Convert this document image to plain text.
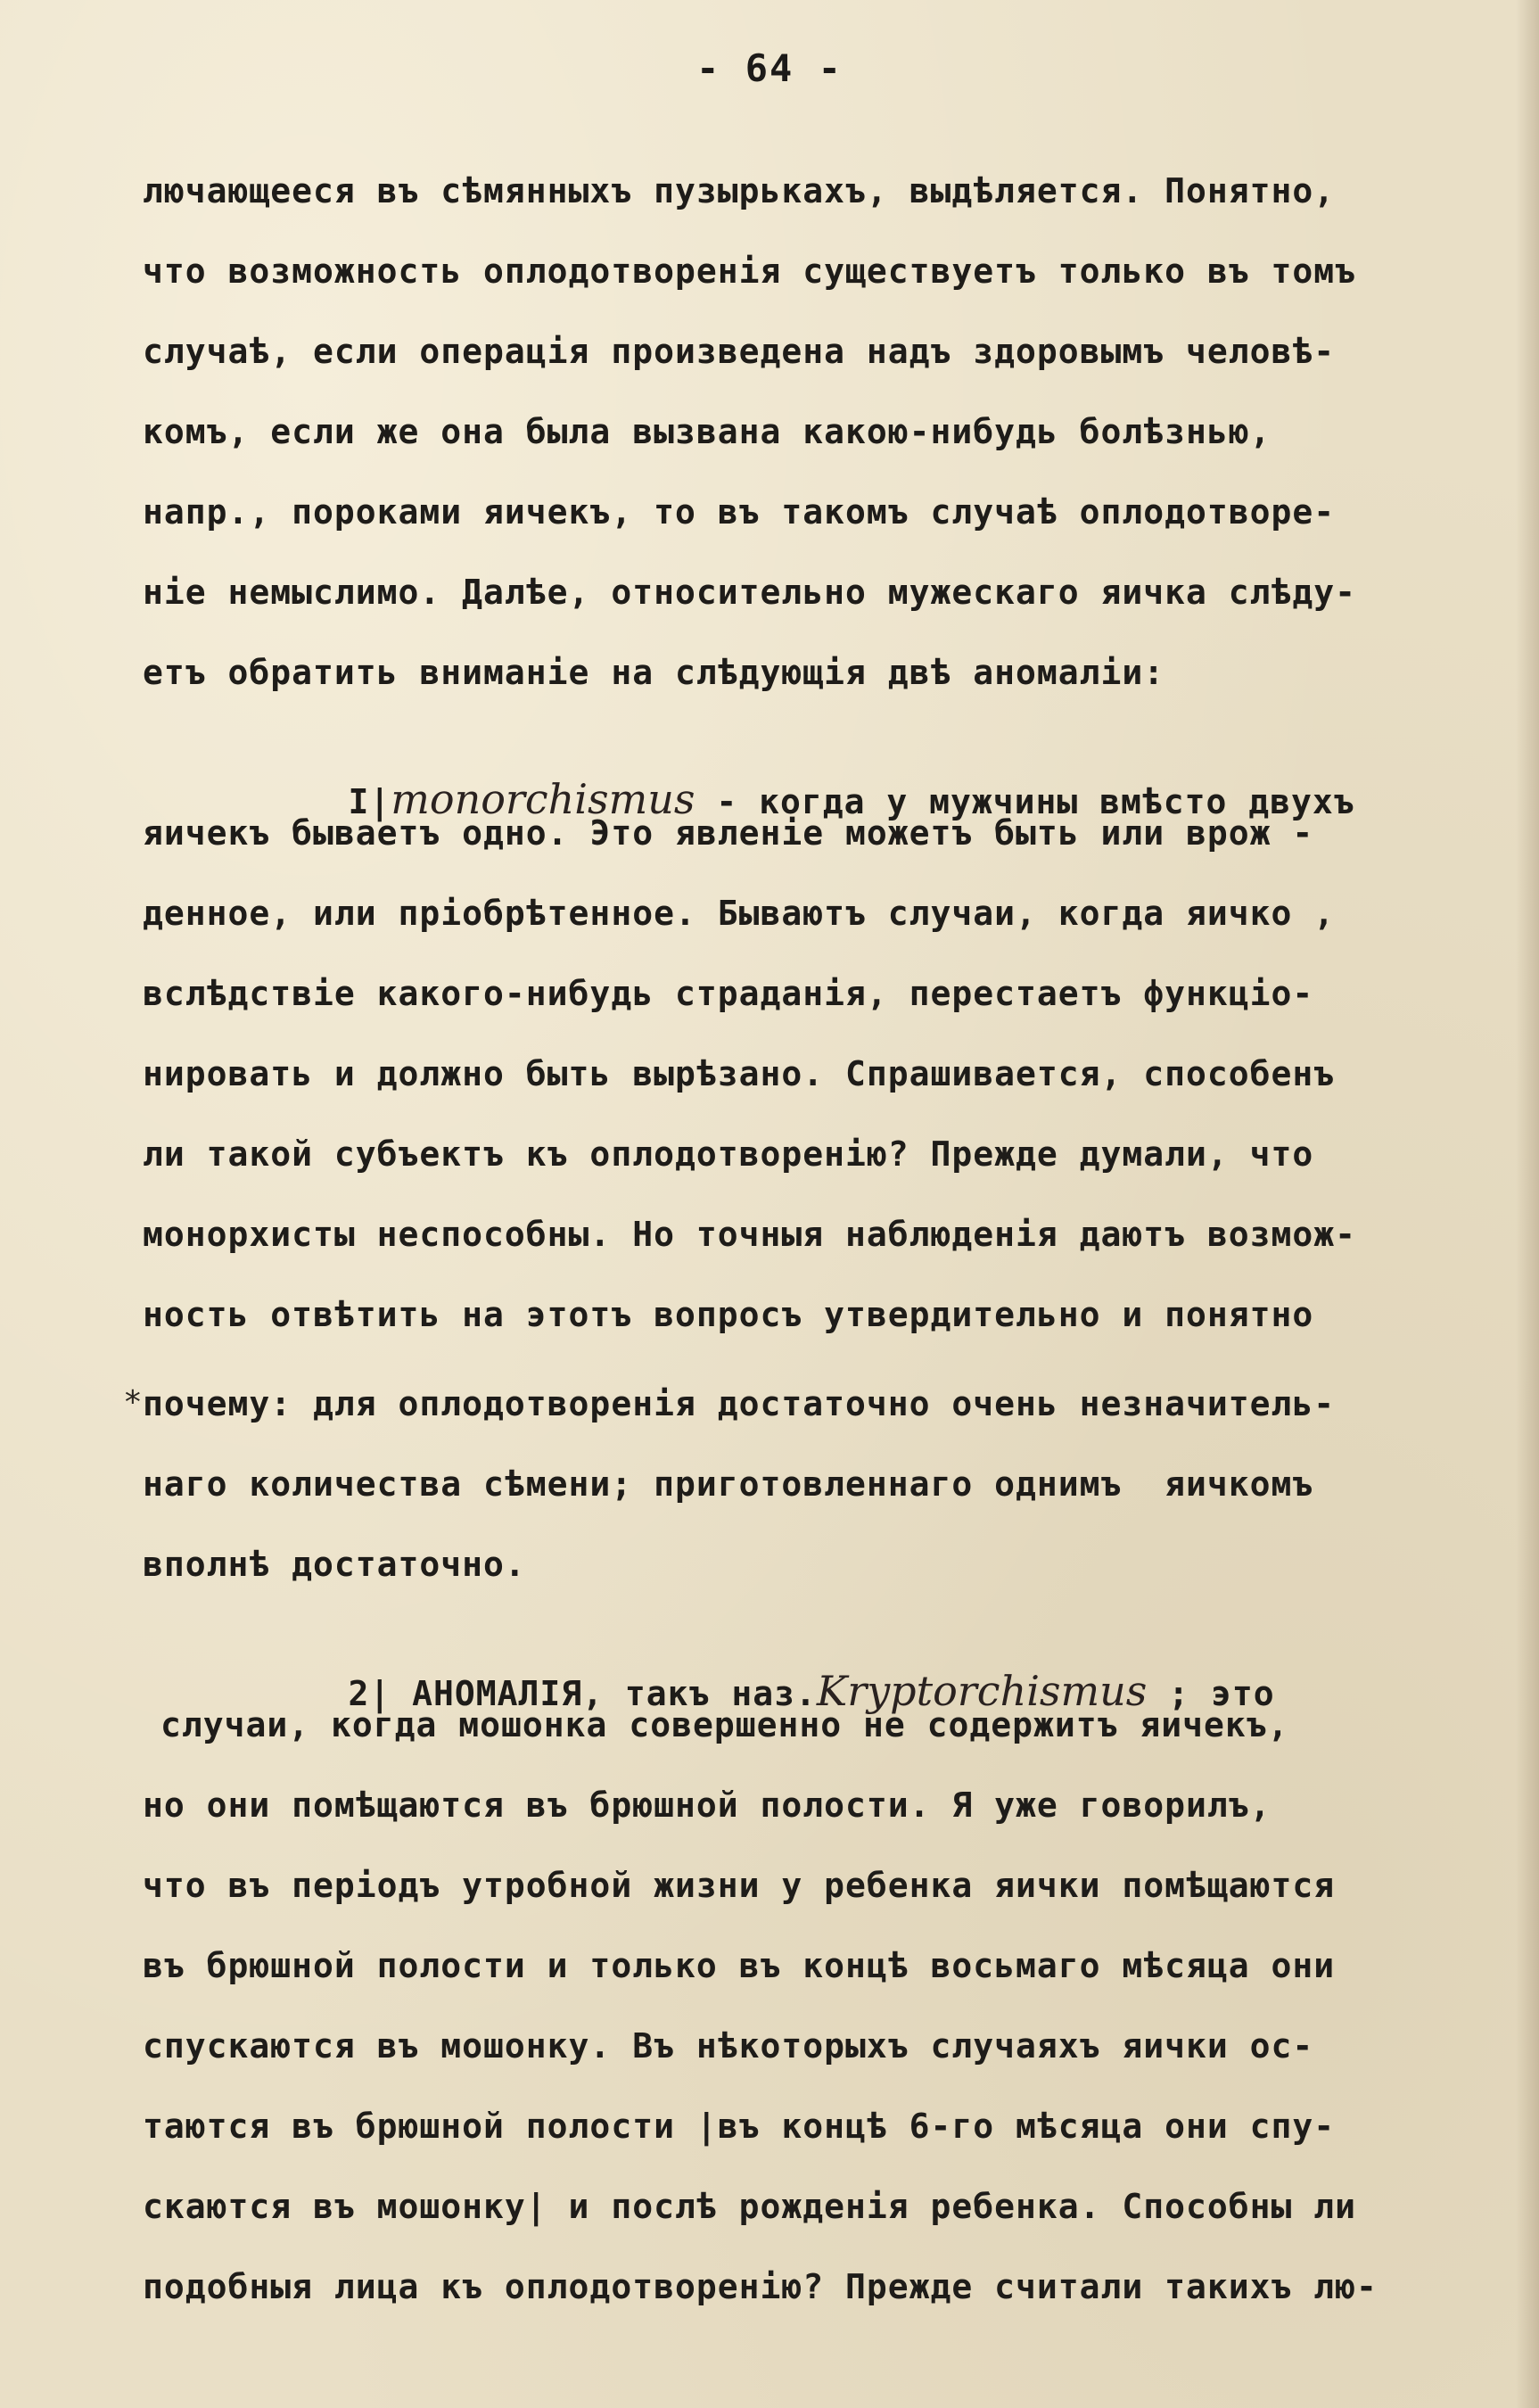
- 64 -
лючающееся въ сѣмянныхъ пузырькахъ, выдѣляется. Понятно,
что возможность оплодотворенія существуетъ только въ томъ
случаѣ, если операція произведена надъ здоровымъ человѣ-
комъ, если же она была вызвана какою-нибудь болѣзнью,
напр., пороками яичекъ, то въ такомъ случаѣ оплодотворе-
ніе немыслимо. Далѣе, относительно мужескаго яичка слѣду-
етъ обратить вниманіе на слѣдующія двѣ аномаліи:

I|monorchismus - когда у мужчины вмѣсто двухъ

яичекъ бываетъ одно. Это явленіе можетъ быть или врож -
денное, или пріобрѣтенное. Бываютъ случаи, когда яичко ,
вслѣдствіе какого-нибудь страданія, перестаетъ функціо-
нировать и должно быть вырѣзано. Спрашивается, способенъ
ли такой субъектъ къ оплодотворенію? Прежде думали, что
монорхисты неспособны. Но точныя наблюденія даютъ возмож-
ность отвѣтить на этотъ вопросъ утвердительно и понятно
* почему: для оплодотворенія достаточно очень незначитель-
наго количества сѣмени; приготовленнаго однимъ  яичкомъ
вполнѣ достаточно.

2| АНОМАЛІЯ, такъ наз.Kryptorchismus ; это

случаи, когда мошонка совершенно не содержитъ яичекъ,
но они помѣщаются въ брюшной полости. Я уже говорилъ,
что въ періодъ утробной жизни у ребенка яички помѣщаются
въ брюшной полости и только въ концѣ восьмаго мѣсяца они
спускаются въ мошонку. Въ нѣкоторыхъ случаяхъ яички ос-
таются въ брюшной полости |въ концѣ 6-го мѣсяца они спу-
скаются въ мошонку| и послѣ рожденія ребенка. Способны ли
подобныя лица къ оплодотворенію? Прежде считали такихъ лю-
